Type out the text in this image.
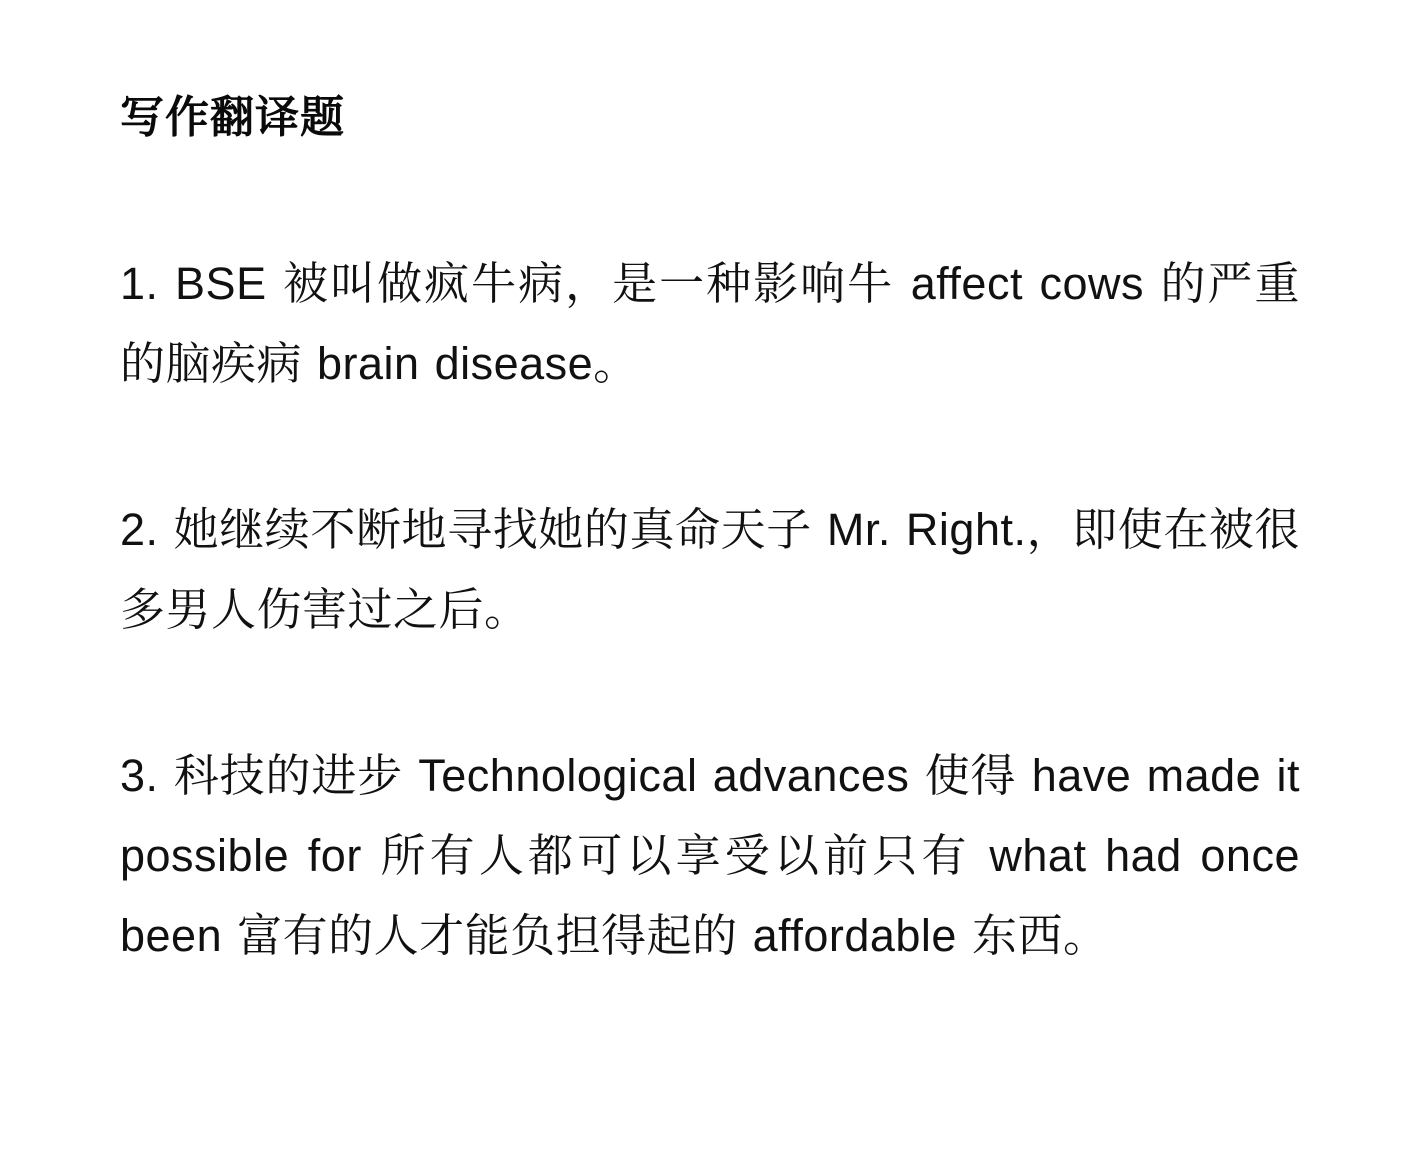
写作翻译题

1. BSE 被叫做疯牛病，是一种影响牛 affect cows 的严重的脑疾病 brain disease。

2. 她继续不断地寻找她的真命天子 Mr. Right.，即使在被很多男人伤害过之后。

3. 科技的进步 Technological advances 使得 have made it possible for 所有人都可以享受以前只有 what had once been 富有的人才能负担得起的 affordable 东西。
